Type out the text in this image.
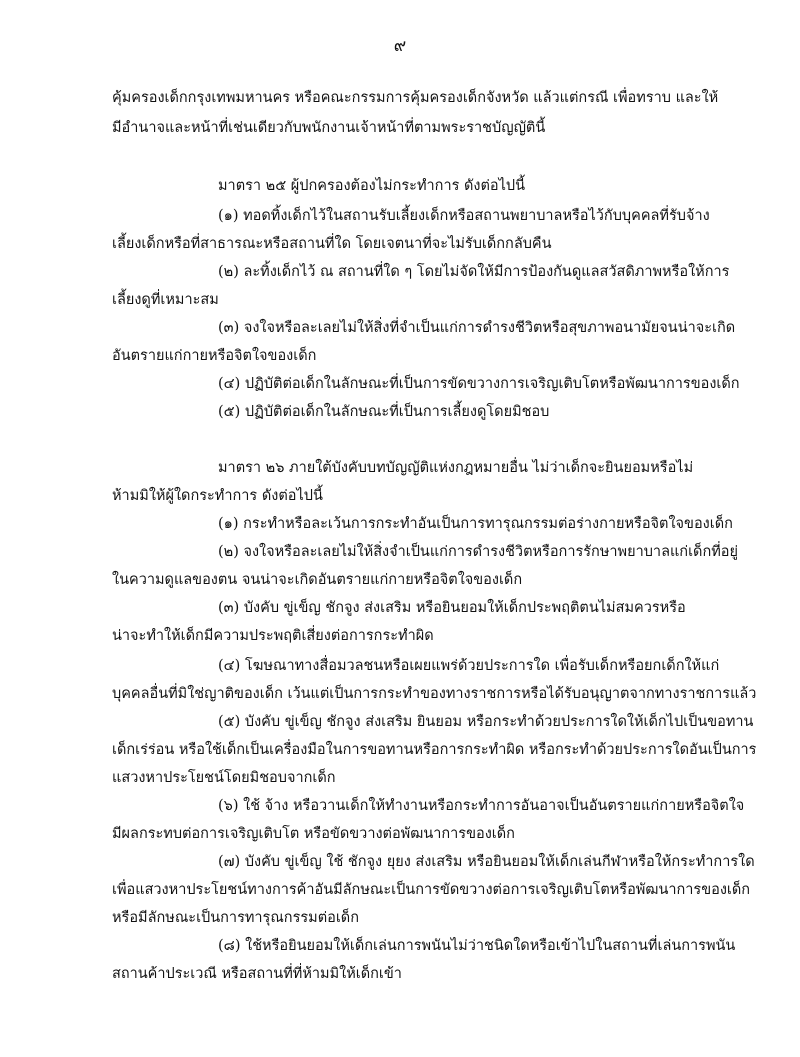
๙
คุ้มครองเด็กกรุงเทพมหานคร หรือคณะกรรมการคุ้มครองเด็กจังหวัด แล้วแต่กรณี เพื่อทราบ และให้
มีอำนาจและหน้าที่เช่นเดียวกับพนักงานเจ้าหน้าที่ตามพระราชบัญญัตินี้
มาตรา ๒๕ ผู้ปกครองต้องไม่กระทำการ ดังต่อไปนี้
(๑) ทอดทิ้งเด็กไว้ในสถานรับเลี้ยงเด็กหรือสถานพยาบาลหรือไว้กับบุคคลที่รับจ้าง
เลี้ยงเด็กหรือที่สาธารณะหรือสถานที่ใด โดยเจตนาที่จะไม่รับเด็กกลับคืน
(๒) ละทิ้งเด็กไว้ ณ สถานที่ใด ๆ โดยไม่จัดให้มีการป้องกันดูแลสวัสดิภาพหรือให้การ
เลี้ยงดูที่เหมาะสม
(๓) จงใจหรือละเลยไม่ให้สิ่งที่จำเป็นแก่การดำรงชีวิตหรือสุขภาพอนามัยจนน่าจะเกิด
อันตรายแก่กายหรือจิตใจของเด็ก
(๔) ปฏิบัติต่อเด็กในลักษณะที่เป็นการขัดขวางการเจริญเติบโตหรือพัฒนาการของเด็ก
(๕) ปฏิบัติต่อเด็กในลักษณะที่เป็นการเลี้ยงดูโดยมิชอบ
มาตรา ๒๖ ภายใต้บังคับบทบัญญัติแห่งกฎหมายอื่น ไม่ว่าเด็กจะยินยอมหรือไม่
ห้ามมิให้ผู้ใดกระทำการ ดังต่อไปนี้
(๑) กระทำหรือละเว้นการกระทำอันเป็นการทารุณกรรมต่อร่างกายหรือจิตใจของเด็ก
(๒) จงใจหรือละเลยไม่ให้สิ่งจำเป็นแก่การดำรงชีวิตหรือการรักษาพยาบาลแก่เด็กที่อยู่
ในความดูแลของตน จนน่าจะเกิดอันตรายแก่กายหรือจิตใจของเด็ก
(๓) บังคับ ขู่เข็ญ ชักจูง ส่งเสริม หรือยินยอมให้เด็กประพฤติตนไม่สมควรหรือ
น่าจะทำให้เด็กมีความประพฤติเสี่ยงต่อการกระทำผิด
(๔) โฆษณาทางสื่อมวลชนหรือเผยแพร่ด้วยประการใด เพื่อรับเด็กหรือยกเด็กให้แก่
บุคคลอื่นที่มิใช่ญาติของเด็ก เว้นแต่เป็นการกระทำของทางราชการหรือได้รับอนุญาตจากทางราชการแล้ว
(๕) บังคับ ขู่เข็ญ ชักจูง ส่งเสริม ยินยอม หรือกระทำด้วยประการใดให้เด็กไปเป็นขอทาน
เด็กเร่ร่อน หรือใช้เด็กเป็นเครื่องมือในการขอทานหรือการกระทำผิด หรือกระทำด้วยประการใดอันเป็นการ
แสวงหาประโยชน์โดยมิชอบจากเด็ก
(๖) ใช้ จ้าง หรือวานเด็กให้ทำงานหรือกระทำการอันอาจเป็นอันตรายแก่กายหรือจิตใจ
มีผลกระทบต่อการเจริญเติบโต หรือขัดขวางต่อพัฒนาการของเด็ก
(๗) บังคับ ขู่เข็ญ ใช้ ชักจูง ยุยง ส่งเสริม หรือยินยอมให้เด็กเล่นกีฬาหรือให้กระทำการใด
เพื่อแสวงหาประโยชน์ทางการค้าอันมีลักษณะเป็นการขัดขวางต่อการเจริญเติบโตหรือพัฒนาการของเด็ก
หรือมีลักษณะเป็นการทารุณกรรมต่อเด็ก
(๘) ใช้หรือยินยอมให้เด็กเล่นการพนันไม่ว่าชนิดใดหรือเข้าไปในสถานที่เล่นการพนัน
สถานค้าประเวณี หรือสถานที่ที่ห้ามมิให้เด็กเข้า
